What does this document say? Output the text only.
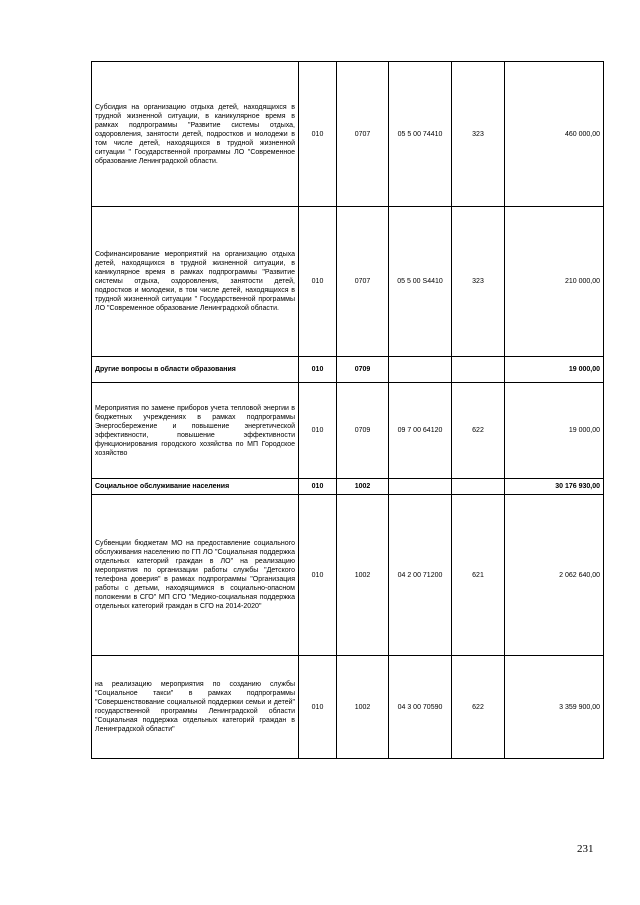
Субсидия на организацию отдыха детей, находящихся в трудной жизненной ситуации, в каникулярное время в рамках подпрограммы "Развитие системы отдыха, оздоровления, занятости детей, подростков и молодежи в том числе детей, находящихся в трудной жизненной ситуации " Государственной программы ЛО "Современное образование Ленинградской области.	010	0707	05 5 00 74410	323	460 000,00
Софинансирование мероприятий на организацию отдыха детей, находящихся в трудной жизненной ситуации, в каникулярное время в рамках подпрограммы "Развитие системы отдыха, оздоровления, занятости детей, подростков и молодежи, в том числе детей, находящихся в трудной жизненной ситуации " Государственной программы ЛО "Современное образование Ленинградской области.	010	0707	05 5 00 S4410	323	210 000,00
Другие вопросы в области образования	010	0709			19 000,00
Мероприятия по замене приборов учета тепловой энергии в бюджетных учреждениях в рамках подпрограммы Энергосбережение и повышение энергетической эффективности, повышение эффективности функционирования городского хозяйства по МП Городское хозяйство	010	0709	09 7 00 64120	622	19 000,00
Социальное обслуживание населения	010	1002			30 176 930,00
Субвенции бюджетам МО на предоставление социального обслуживания населению по ГП ЛО "Социальная поддержка отдельных категорий граждан в ЛО" на реализацию мероприятия по организации работы службы "Детского телефона доверия" в рамках подпрограммы "Организация работы с детьми, находящимися в социально-опасном положении в СГО" МП СГО "Медико-социальная поддержка отдельных категорий граждан в СГО на 2014-2020"	010	1002	04 2 00 71200	621	2 062 640,00
на реализацию мероприятия по созданию службы "Социальное такси" в рамках подпрограммы "Совершенствование социальной поддержки семьи и детей" государственной программы Ленинградской области "Социальная поддержка отдельных категорий граждан в Ленинградской области"	010	1002	04 3 00 70590	622	3 359 900,00
231
